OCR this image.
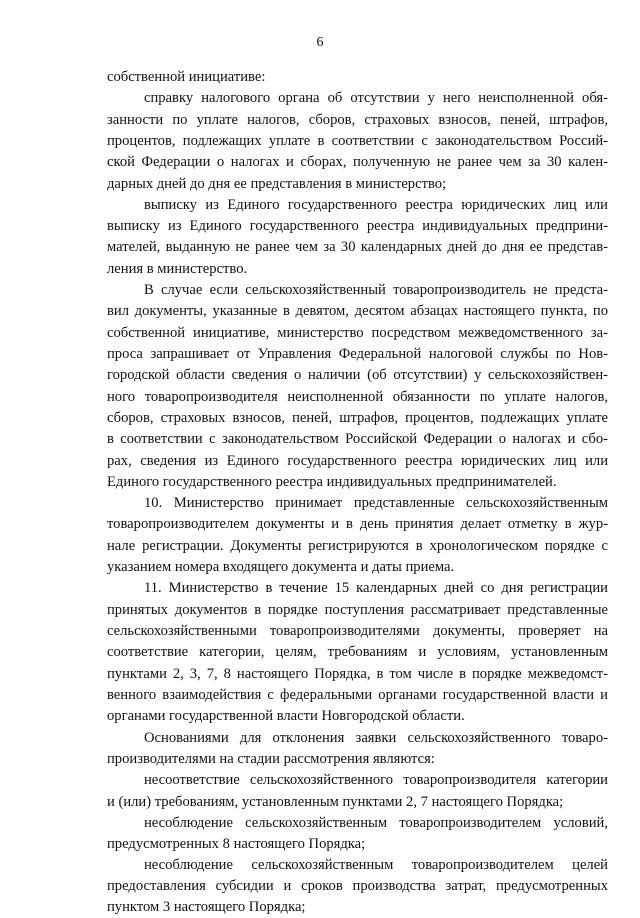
6
собственной инициативе:
справку налогового органа об отсутствии у него неисполненной обя-
занности по уплате налогов, сборов, страховых взносов, пеней, штрафов,
процентов, подлежащих уплате в соответствии с законодательством Россий-
ской Федерации о налогах и сборах, полученную не ранее чем за 30 кален-
дарных дней до дня ее представления в министерство;
выписку из Единого государственного реестра юридических лиц или
выписку из Единого государственного реестра индивидуальных предприни-
мателей, выданную не ранее чем за 30 календарных дней до дня ее представ-
ления в министерство.
В случае если сельскохозяйственный товаропроизводитель не предста-
вил документы, указанные в девятом, десятом абзацах настоящего пункта, по
собственной инициативе, министерство посредством межведомственного за-
проса запрашивает от Управления Федеральной налоговой службы по Нов-
городской области сведения о наличии (об отсутствии) у сельскохозяйствен-
ного товаропроизводителя неисполненной обязанности по уплате налогов,
сборов, страховых взносов, пеней, штрафов, процентов, подлежащих уплате
в соответствии с законодательством Российской Федерации о налогах и сбо-
рах, сведения из Единого государственного реестра юридических лиц или
Единого государственного реестра индивидуальных предпринимателей.
10. Министерство принимает представленные сельскохозяйственным
товаропроизводителем документы и в день принятия делает отметку в жур-
нале регистрации. Документы регистрируются в хронологическом порядке с
указанием номера входящего документа и даты приема.
11. Министерство в течение 15 календарных дней со дня регистрации
принятых документов в порядке поступления рассматривает представленные
сельскохозяйственными товаропроизводителями документы, проверяет на
соответствие категории, целям, требованиям и условиям, установленным
пунктами 2, 3, 7, 8 настоящего Порядка, в том числе в порядке межведомст-
венного взаимодействия с федеральными органами государственной власти и
органами государственной власти Новгородской области.
Основаниями для отклонения заявки сельскохозяйственного товаро-
производителями на стадии рассмотрения являются:
несоответствие сельскохозяйственного товаропроизводителя категории
и (или) требованиям, установленным пунктами 2, 7 настоящего Порядка;
несоблюдение сельскохозяйственным товаропроизводителем условий,
предусмотренных 8 настоящего Порядка;
несоблюдение сельскохозяйственным товаропроизводителем целей
предоставления субсидии и сроков производства затрат, предусмотренных
пунктом 3 настоящего Порядка;
